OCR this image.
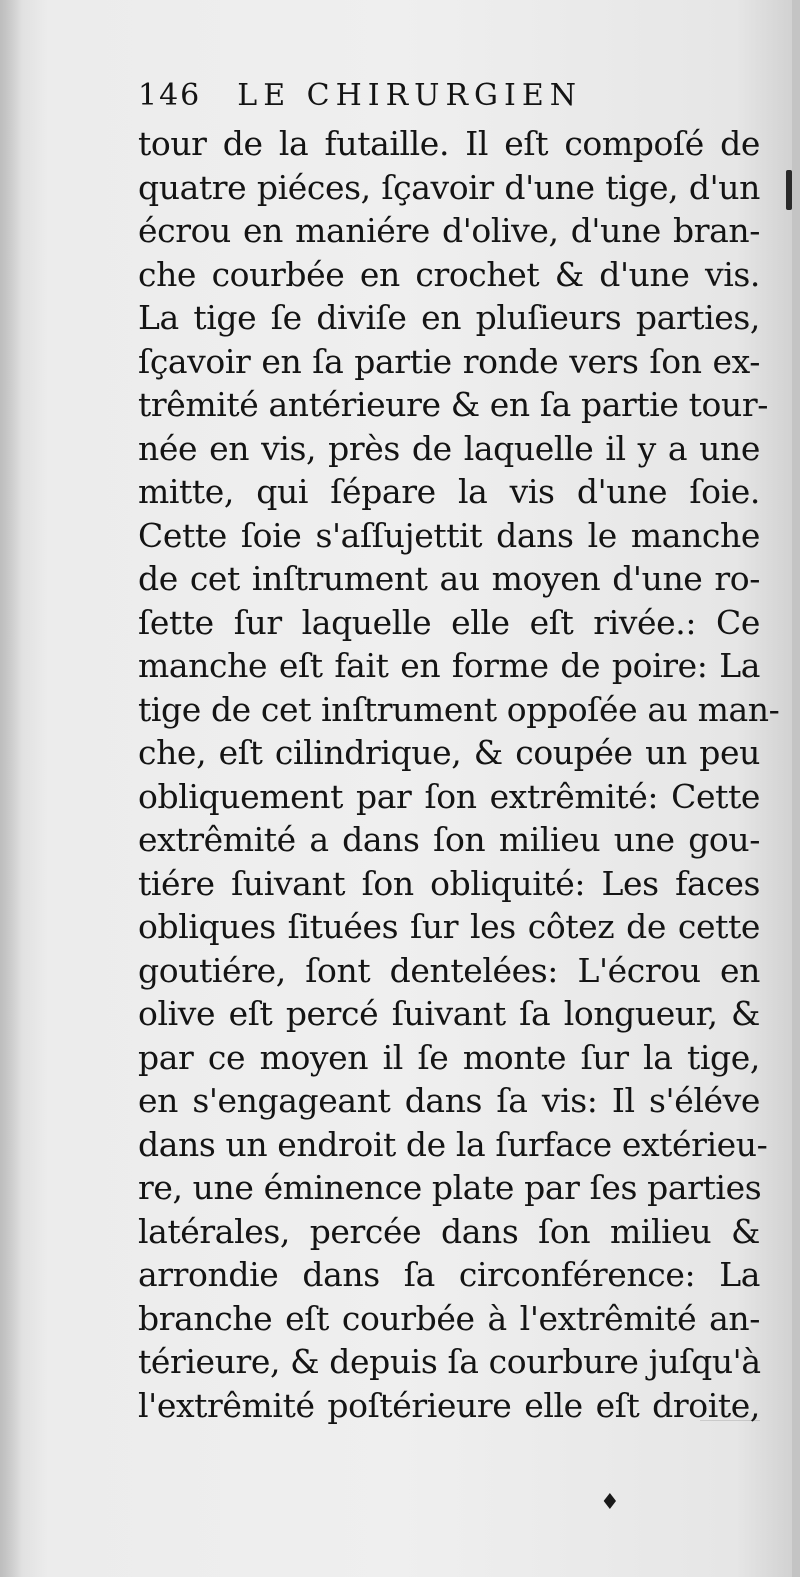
146 LE CHIRURGIEN
tour de la futaille. Il eſt compoſé de
quatre piéces, ſçavoir d'une tige, d'un
écrou en maniére d'olive, d'une bran-
che courbée en crochet & d'une vis.
La tige ſe diviſe en pluſieurs parties,
ſçavoir en ſa partie ronde vers ſon ex-
trêmité antérieure & en ſa partie tour-
née en vis, près de laquelle il y a une
mitte, qui ſépare la vis d'une ſoie.
Cette ſoie s'aſſujettit dans le manche
de cet inſtrument au moyen d'une ro-
ſette ſur laquelle elle eſt rivée.: Ce
manche eſt fait en forme de poire: La
tige de cet inſtrument oppoſée au man-
che, eſt cilindrique, & coupée un peu
obliquement par ſon extrêmité: Cette
extrêmité a dans ſon milieu une gou-
tiére ſuivant ſon obliquité: Les faces
obliques ſituées ſur les côtez de cette
goutiére, ſont dentelées: L'écrou en
olive eſt percé ſuivant ſa longueur, &
par ce moyen il ſe monte ſur la tige,
en s'engageant dans ſa vis: Il s'éléve
dans un endroit de la ſurface extérieu-
re, une éminence plate par ſes parties
latérales, percée dans ſon milieu &
arrondie dans ſa circonférence: La
branche eſt courbée à l'extrêmité an-
térieure, & depuis ſa courbure juſqu'à
l'extrêmité poſtérieure elle eſt droite,
♦
